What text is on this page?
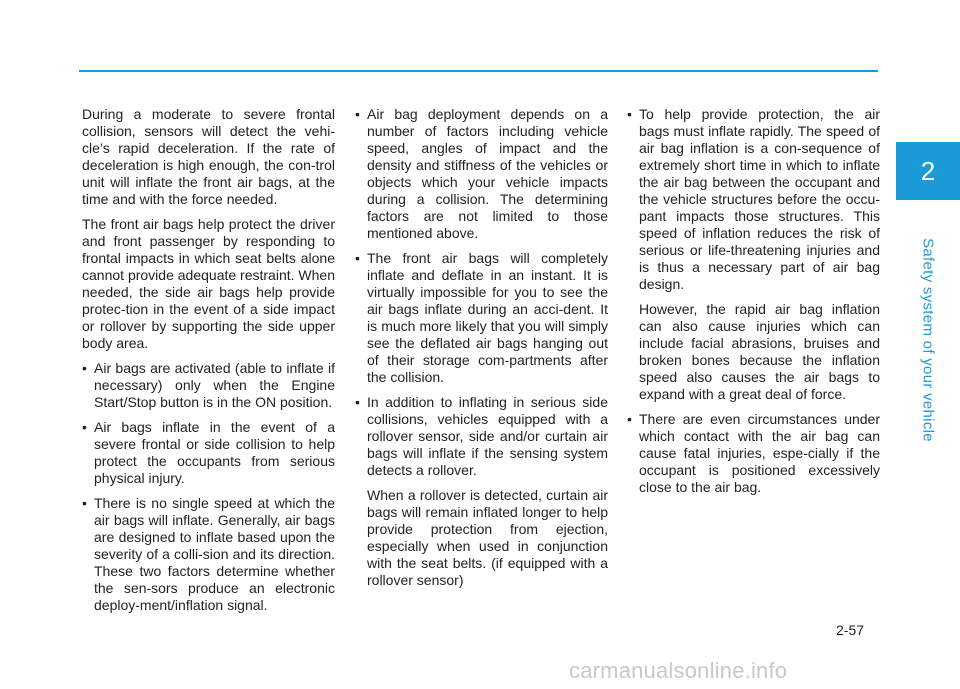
2
Safety system of your vehicle

During a moderate to severe frontal collision, sensors will detect the vehi-cle’s rapid deceleration. If the rate of deceleration is high enough, the con-trol unit will inflate the front air bags, at the time and with the force needed.

The front air bags help protect the driver and front passenger by responding to frontal impacts in which seat belts alone cannot provide adequate restraint. When needed, the side air bags help provide protec-tion in the event of a side impact or rollover by supporting the side upper body area.

• Air bags are activated (able to inflate if necessary) only when the Engine Start/Stop button is in the ON position.

• Air bags inflate in the event of a severe frontal or side collision to help protect the occupants from serious physical injury.

• There is no single speed at which the air bags will inflate. Generally, air bags are designed to inflate based upon the severity of a colli-sion and its direction. These two factors determine whether the sen-sors produce an electronic deploy-ment/inflation signal.

• Air bag deployment depends on a number of factors including vehicle speed, angles of impact and the density and stiffness of the vehicles or objects which your vehicle impacts during a collision. The determining factors are not limited to those mentioned above.

• The front air bags will completely inflate and deflate in an instant. It is virtually impossible for you to see the air bags inflate during an acci-dent. It is much more likely that you will simply see the deflated air bags hanging out of their storage com-partments after the collision.

• In addition to inflating in serious side collisions, vehicles equipped with a rollover sensor, side and/or curtain air bags will inflate if the sensing system detects a rollover.

When a rollover is detected, curtain air bags will remain inflated longer to help provide protection from ejection, especially when used in conjunction with the seat belts. (if equipped with a rollover sensor)

• To help provide protection, the air bags must inflate rapidly. The speed of air bag inflation is a con-sequence of extremely short time in which to inflate the air bag between the occupant and the vehicle structures before the occu-pant impacts those structures. This speed of inflation reduces the risk of serious or life-threatening injuries and is thus a necessary part of air bag design.

However, the rapid air bag inflation can also cause injuries which can include facial abrasions, bruises and broken bones because the inflation speed also causes the air bags to expand with a great deal of force.

• There are even circumstances under which contact with the air bag can cause fatal injuries, espe-cially if the occupant is positioned excessively close to the air bag.

2-57
carmanualsonline.info
